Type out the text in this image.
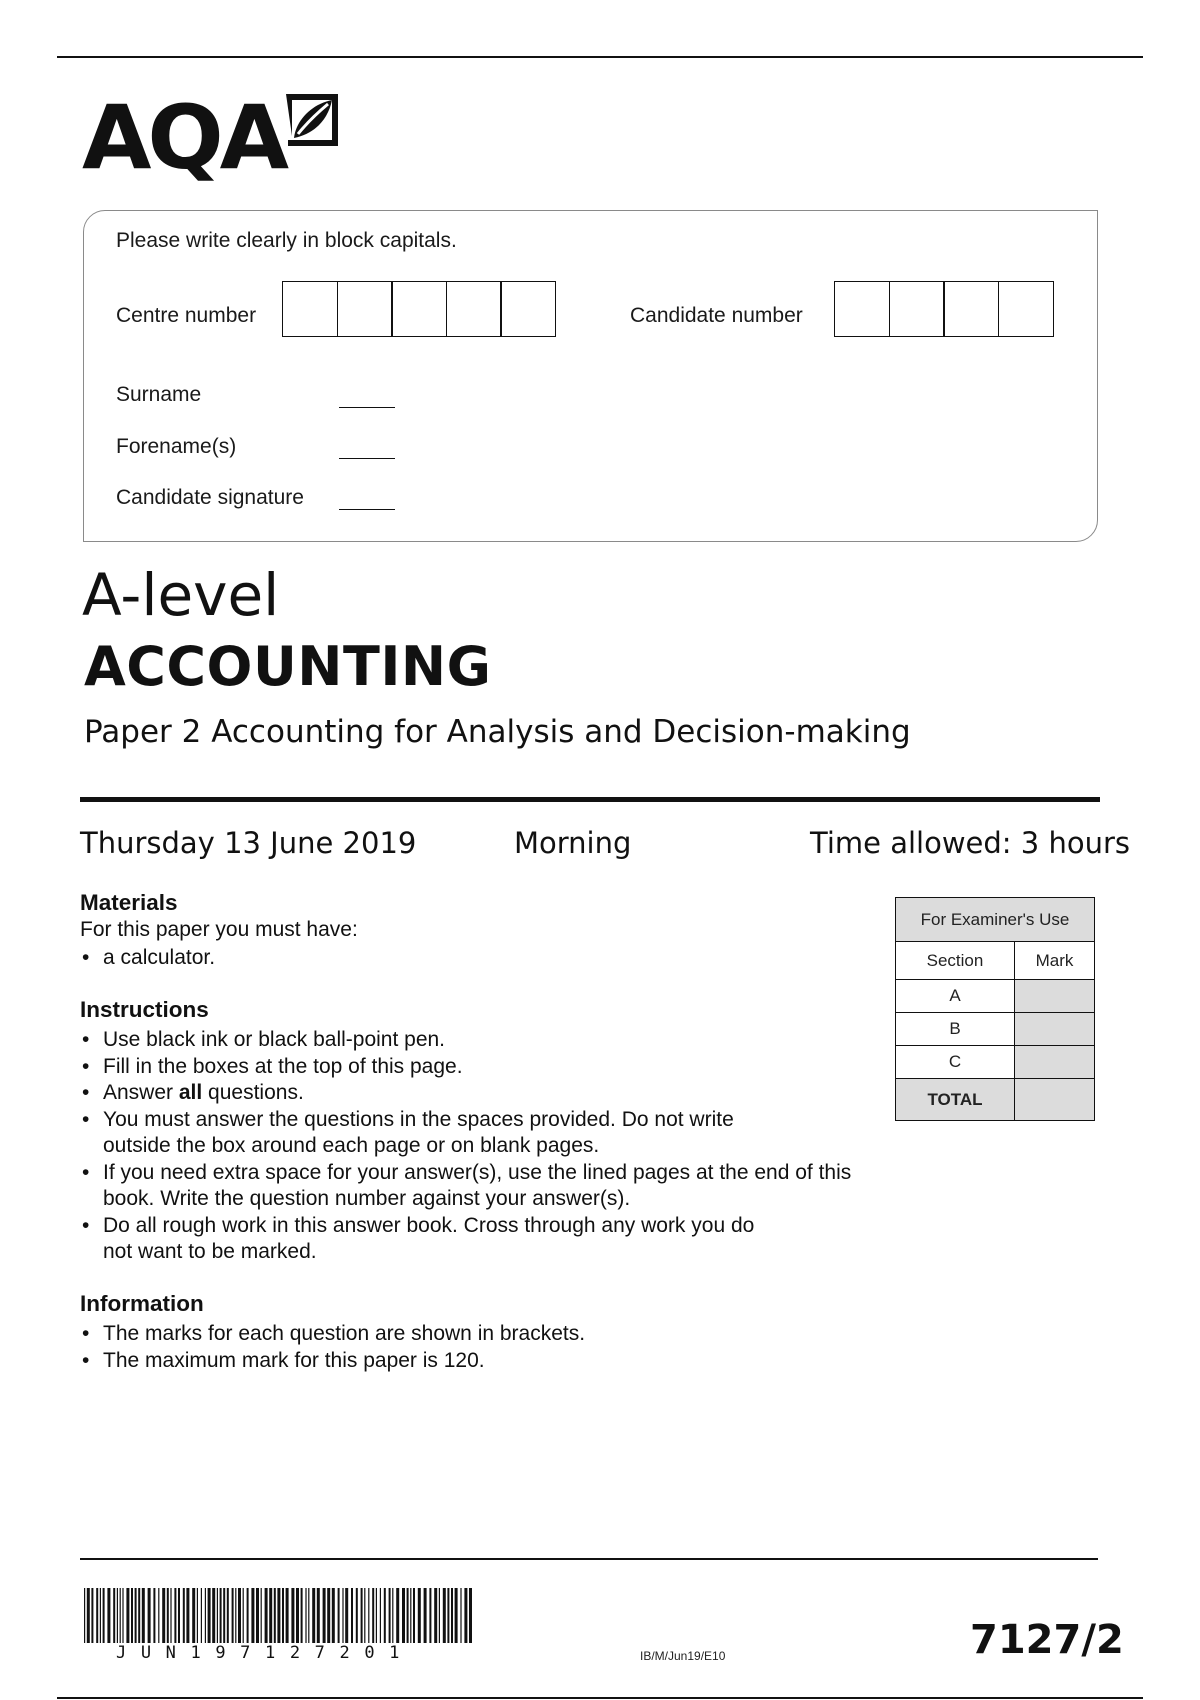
AQA
Please write clearly in block capitals.
Centre number	Candidate number
Surname
Forename(s)
Candidate signature
A-level
ACCOUNTING
Paper 2 Accounting for Analysis and Decision-making
Thursday 13 June 2019	Morning	Time allowed: 3 hours
Materials
For this paper you must have:
• a calculator.
Instructions
• Use black ink or black ball-point pen.
• Fill in the boxes at the top of this page.
• Answer all questions.
• You must answer the questions in the spaces provided. Do not write outside the box around each page or on blank pages.
• If you need extra space for your answer(s), use the lined pages at the end of this book. Write the question number against your answer(s).
• Do all rough work in this answer book. Cross through any work you do not want to be marked.
Information
• The marks for each question are shown in brackets.
• The maximum mark for this paper is 120.
For Examiner's Use	
Section	Mark
A	
B	
C	
TOTAL	
JUN197127201	IB/M/Jun19/E10	7127/2
